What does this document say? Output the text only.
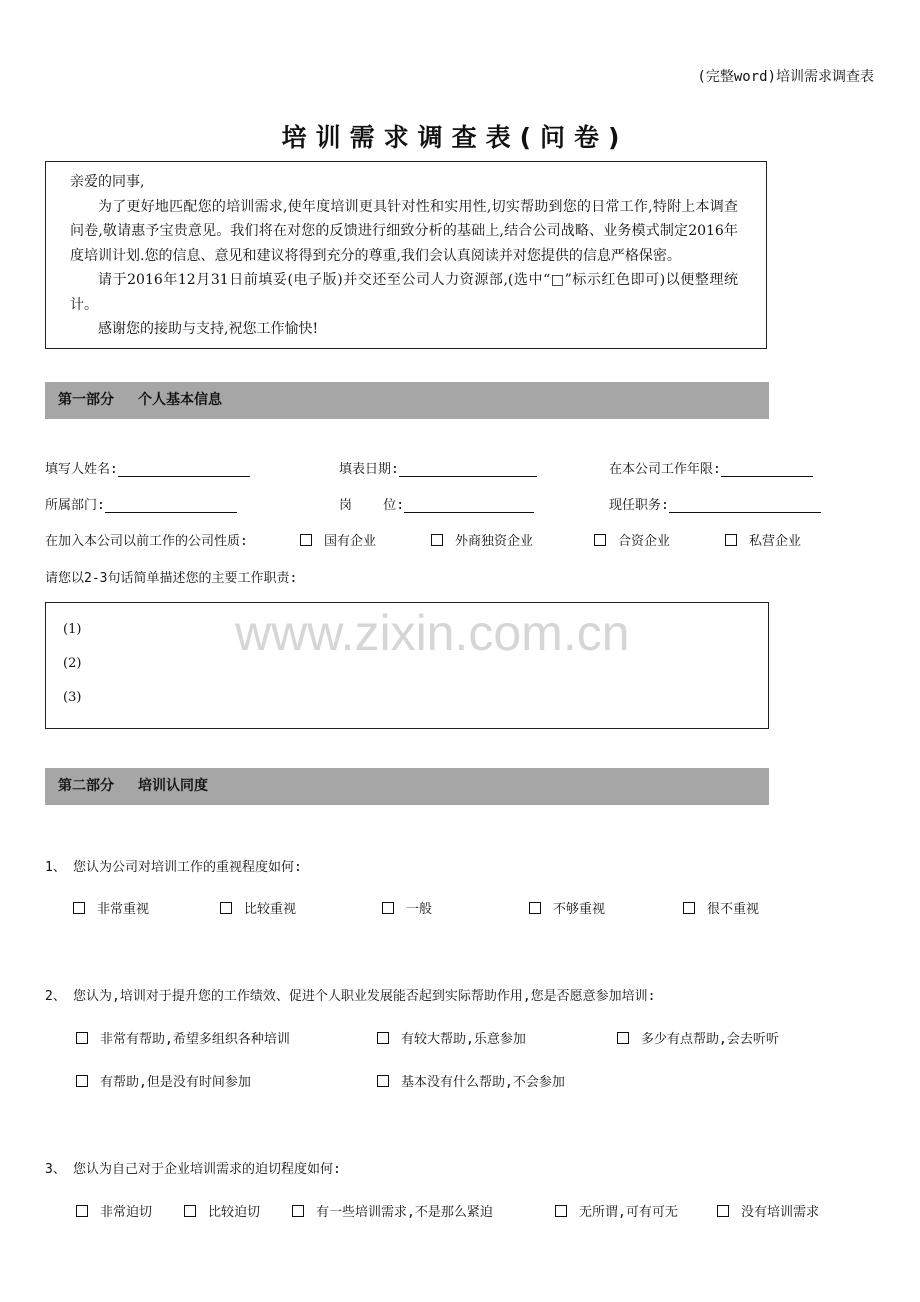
(完整word)培训需求调查表
培训需求调查表(问卷)

亲爱的同事,

为了更好地匹配您的培训需求,使年度培训更具针对性和实用性,切实帮助到您的日常工作,特附上本调查问卷,敬请惠予宝贵意见。我们将在对您的反馈进行细致分析的基础上,结合公司战略、业务模式制定2016年度培训计划.您的信息、意见和建议将得到充分的尊重,我们会认真阅读并对您提供的信息严格保密。

请于2016年12月31日前填妥(电子版)并交还至公司人力资源部,(选中“□”标示红色即可)以便整理统计。

感谢您的接助与支持,祝您工作愉快!

第一部分 个人基本信息
填写人姓名:	填表日期:	在本公司工作年限:
所属部门:	岗    位:	现任职务:
在加入本公司以前工作的公司性质:	国有企业	外商独资企业	合资企业	私营企业
请您以2-3句话简单描述您的主要工作职责:
(1)
(2)
(3)
www.zixin.com.cn
第二部分 培训认同度
1、 您认为公司对培训工作的重视程度如何:
非常重视	比较重视	一般	不够重视	很不重视
2、 您认为,培训对于提升您的工作绩效、促进个人职业发展能否起到实际帮助作用,您是否愿意参加培训:
非常有帮助,希望多组织各种培训	有较大帮助,乐意参加	多少有点帮助,会去听听
有帮助,但是没有时间参加	基本没有什么帮助,不会参加
3、 您认为自己对于企业培训需求的迫切程度如何:
非常迫切	比较迫切	有一些培训需求,不是那么紧迫	无所谓,可有可无	没有培训需求
